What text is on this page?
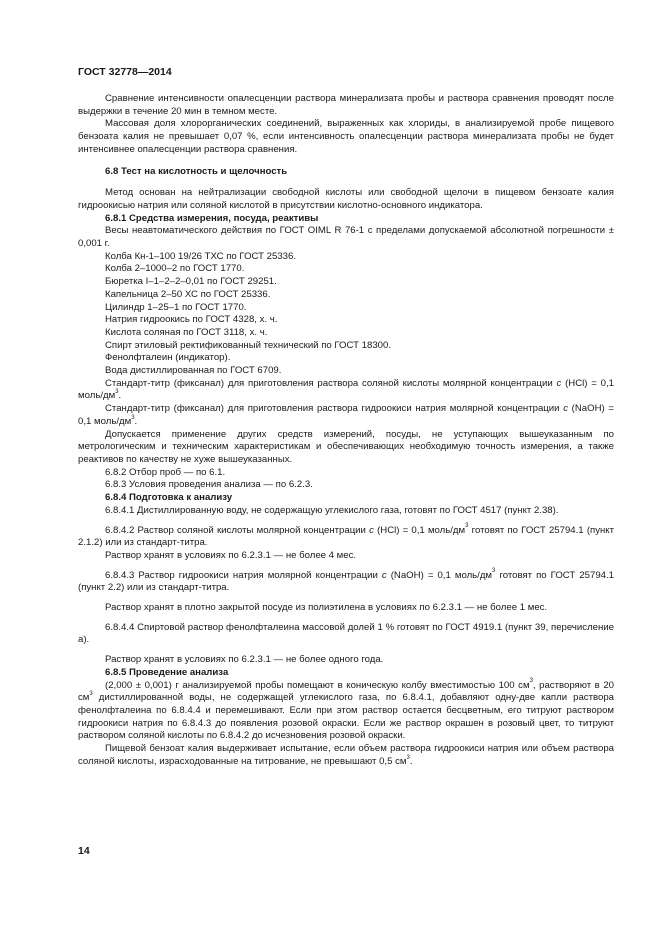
ГОСТ 32778—2014

Сравнение интенсивности опалесценции раствора минерализата пробы и раствора сравнения проводят после выдержки в течение 20 мин в темном месте.

Массовая доля хлорорганических соединений, выраженных как хлориды, в анализируемой пробе пищевого бензоата калия не превышает 0,07 %, если интенсивность опалесценции раствора минерализата пробы не будет интенсивнее опалесценции раствора сравнения.

6.8 Тест на кислотность и щелочность

Метод основан на нейтрализации свободной кислоты или свободной щелочи в пищевом бензоате калия гидроокисью натрия или соляной кислотой в присутствии кислотно-основного индикатора.

6.8.1 Средства измерения, посуда, реактивы

Весы неавтоматического действия по ГОСТ OIML R 76-1 с пределами допускаемой абсолютной погрешности ± 0,001 г.

Колба Кн-1–100 19/26 ТХС по ГОСТ 25336.

Колба 2–1000–2 по ГОСТ 1770.

Бюретка I–1–2–2–0,01 по ГОСТ 29251.

Капельница 2–50 ХС по ГОСТ 25336.

Цилиндр 1–25–1 по ГОСТ 1770.

Натрия гидроокись по ГОСТ 4328, х. ч.

Кислота соляная по ГОСТ 3118, х. ч.

Спирт этиловый ректификованный технический по ГОСТ 18300.

Фенолфталеин (индикатор).

Вода дистиллированная по ГОСТ 6709.

Стандарт-титр (фиксанал) для приготовления раствора соляной кислоты молярной концентрации c (HCl) = 0,1 моль/$дм^3$.

Стандарт-титр (фиксанал) для приготовления раствора гидроокиси натрия молярной концентрации c (NaOH) = 0,1 моль/$дм^3$.

Допускается применение других средств измерений, посуды, не уступающих вышеуказанным по метрологическим и техническим характеристикам и обеспечивающих необходимую точность измерения, а также реактивов по качеству не хуже вышеуказанных.

6.8.2 Отбор проб — по 6.1.

6.8.3 Условия проведения анализа — по 6.2.3.

6.8.4 Подготовка к анализу

6.8.4.1 Дистиллированную воду, не содержащую углекислого газа, готовят по ГОСТ 4517 (пункт 2.38).

6.8.4.2 Раствор соляной кислоты молярной концентрации c (HCl) = 0,1 моль/$дм^3$ готовят по ГОСТ 25794.1 (пункт 2.1.2) или из стандарт-титра.

Раствор хранят в условиях по 6.2.3.1 — не более 4 мес.

6.8.4.3 Раствор гидроокиси натрия молярной концентрации c (NaOH) = 0,1 моль/$дм^3$ готовят по ГОСТ 25794.1 (пункт 2.2) или из стандарт-титра.

Раствор хранят в плотно закрытой посуде из полиэтилена в условиях по 6.2.3.1 — не более 1 мес.

6.8.4.4 Спиртовой раствор фенолфталеина массовой долей 1 % готовят по ГОСТ 4919.1 (пункт 39, перечисление а).

Раствор хранят в условиях по 6.2.3.1 — не более одного года.

6.8.5 Проведение анализа

(2,000 ± 0,001) г анализируемой пробы помещают в коническую колбу вместимостью 100 $см^3$, растворяют в 20 $см^3$ дистиллированной воды, не содержащей углекислого газа, по 6.8.4.1, добавляют одну-две капли раствора фенолфталеина по 6.8.4.4 и перемешивают. Если при этом раствор остается бесцветным, его титруют раствором гидроокиси натрия по 6.8.4.3 до появления розовой окраски. Если же раствор окрашен в розовый цвет, то титруют раствором соляной кислоты по 6.8.4.2 до исчезновения розовой окраски.

Пищевой бензоат калия выдерживает испытание, если объем раствора гидроокиси натрия или объем раствора соляной кислоты, израсходованные на титрование, не превышают 0,5 $см^3$.

14
